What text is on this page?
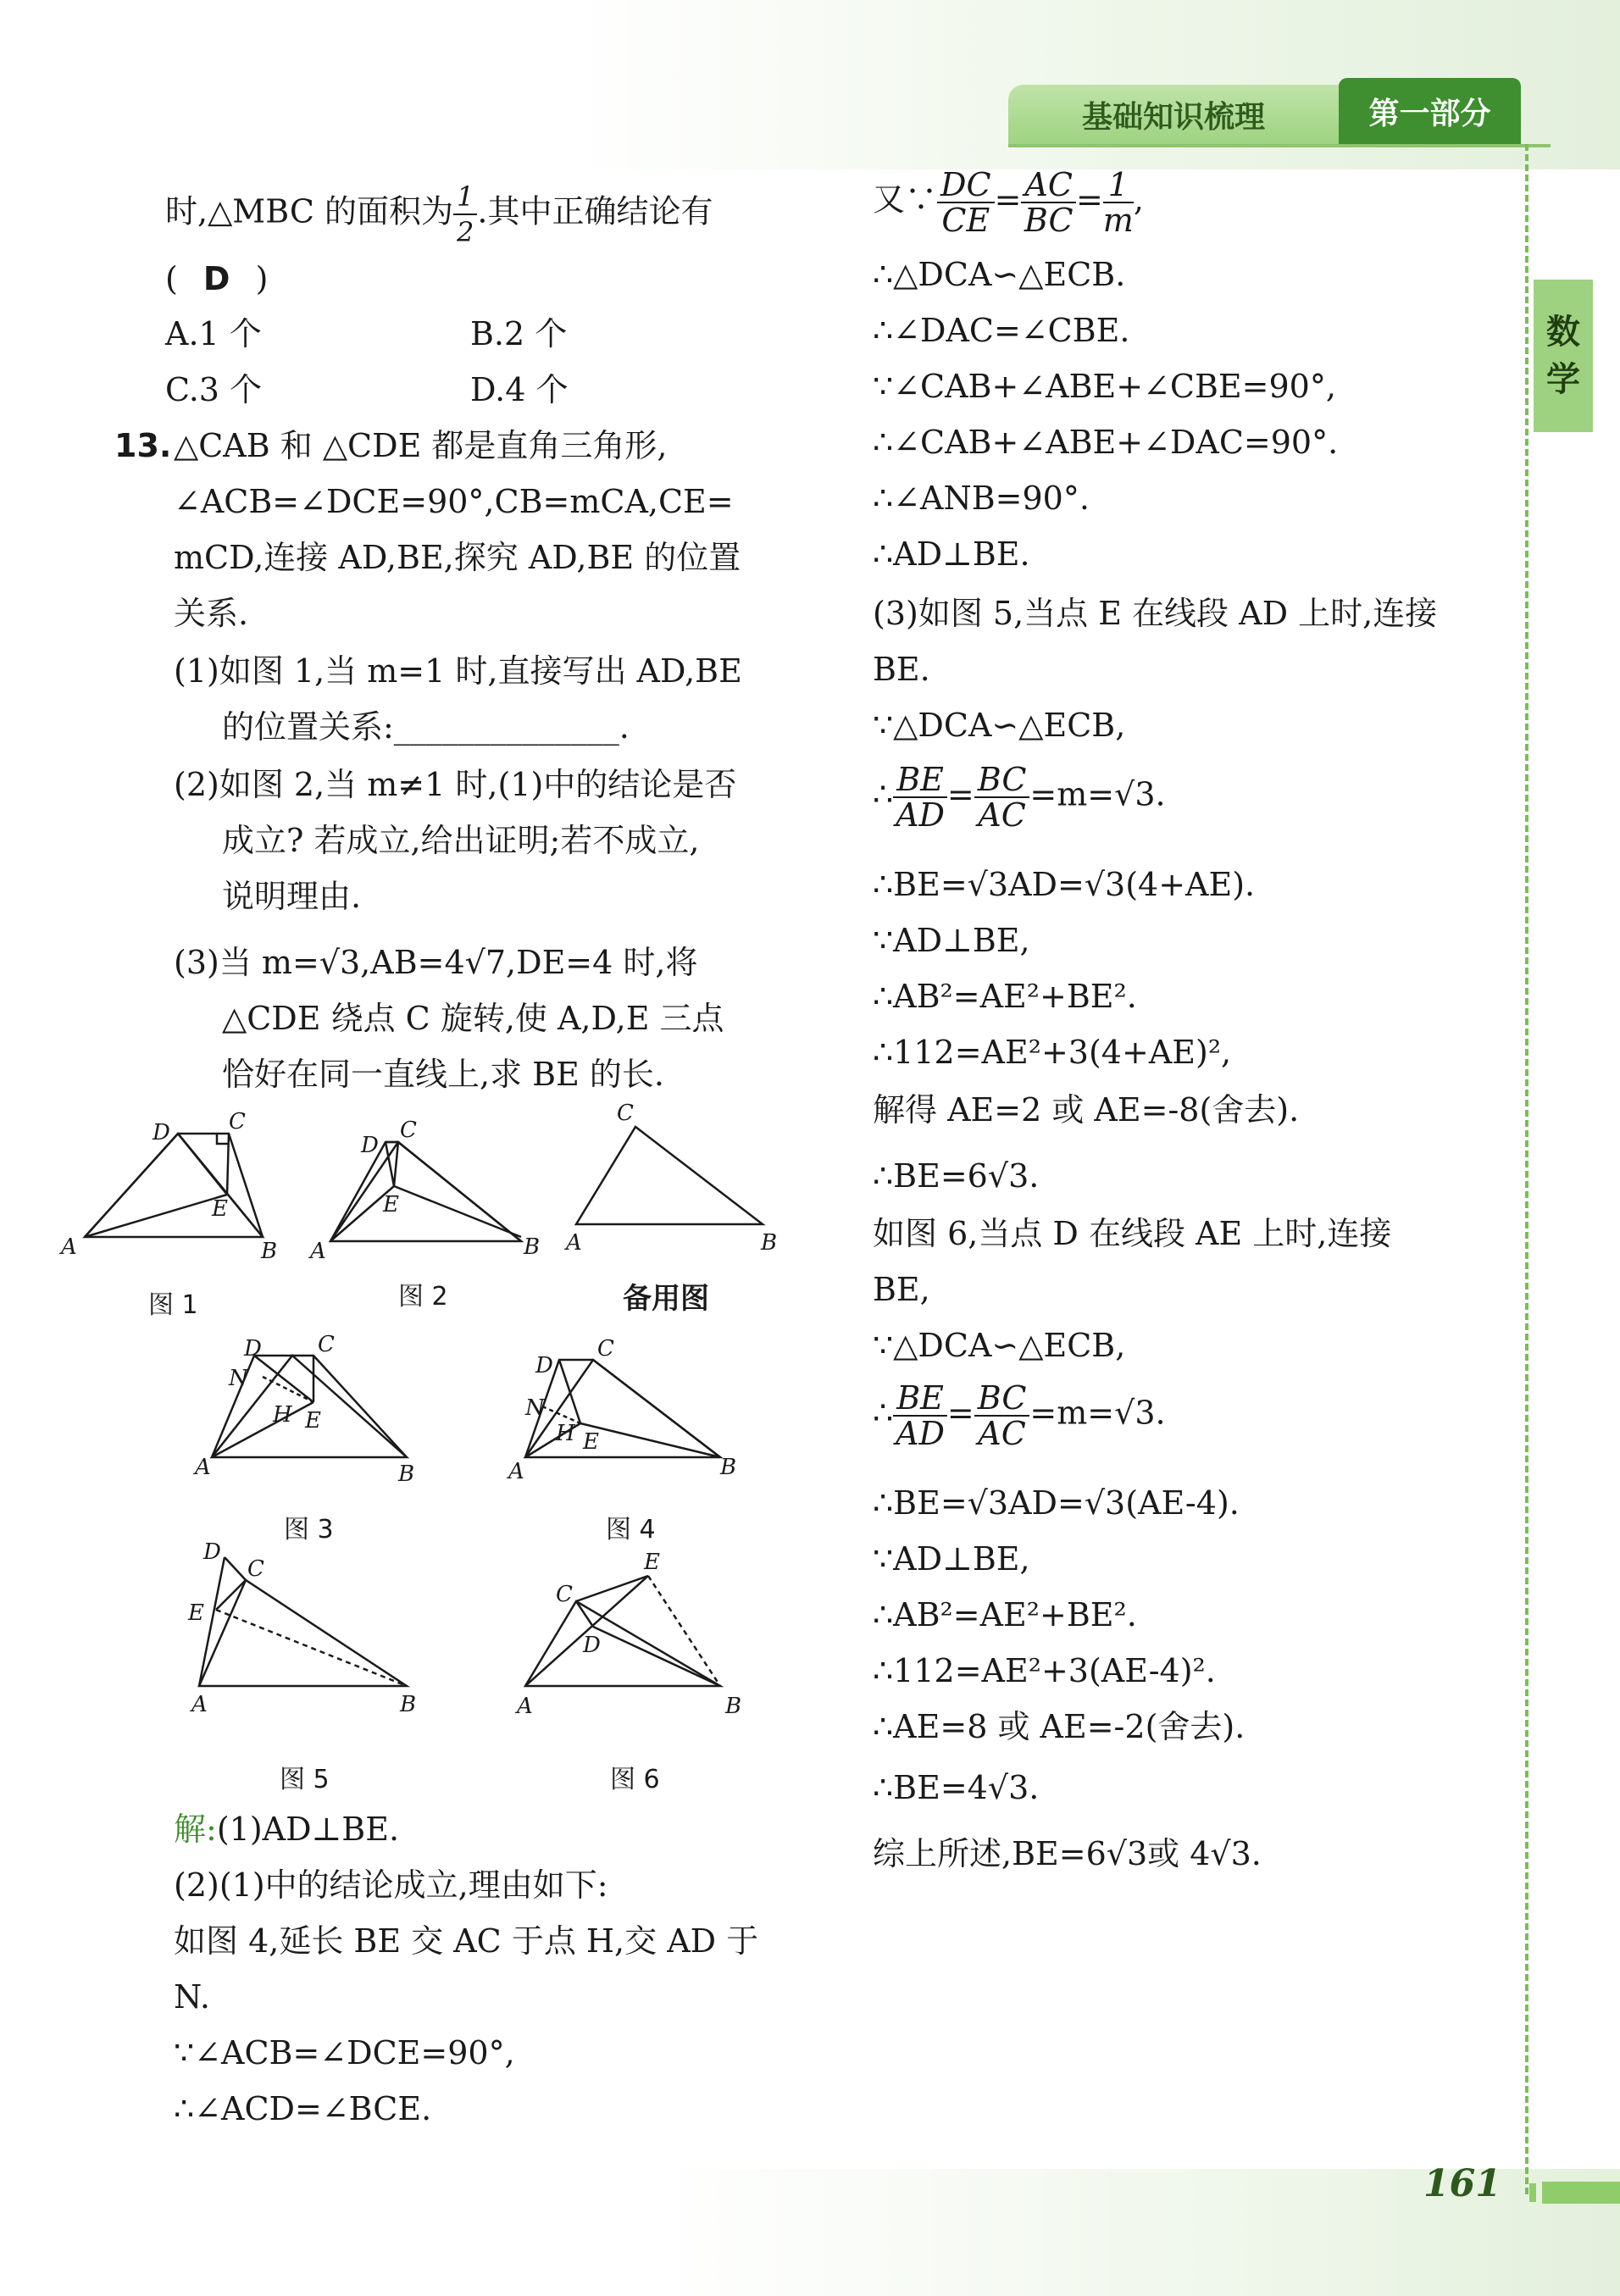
基础知识梳理	第一部分
数
学
时,△MBC 的面积为 $\frac{1}{2}$ .其中正确结论有
( D )
A.1 个	B.2 个
C.3 个	D.4 个
13. △CAB 和 △CDE 都是直角三角形,
∠ACB=∠DCE=90°,CB=mCA,CE=
mCD,连接 AD,BE,探究 AD,BE 的位置
关系.
(1)如图 1,当 m=1 时,直接写出 AD,BE
的位置关系:______________.
(2)如图 2,当 m≠1 时,(1)中的结论是否
成立? 若成立,给出证明;若不成立,
说明理由.
(3)当 m=√3,AB=4√7,DE=4 时,将
△CDE 绕点 C 旋转,使 A,D,E 三点
恰好在同一直线上,求 BE 的长.
A	B
C
D
E
A	B
C
D
E
A	B
C
A	B
C
D
E
H
N
A	B
C
D
E
H
N
A	B
C
D
E
A	B
C
D
E
图 1	图 2	备用图
图 3	图 4
图 5	图 6
解:(1)AD⊥BE.
(2)(1)中的结论成立,理由如下:
如图 4,延长 BE 交 AC 于点 H,交 AD 于
N.
∵∠ACB=∠DCE=90°,
∴∠ACD=∠BCE.
又∵ $\frac{DC}{CE} = \frac{AC}{BC} = \frac{1}{m}$ ,
∴△DCA∽△ECB.
∴∠DAC=∠CBE.
∵∠CAB+∠ABE+∠CBE=90°,
∴∠CAB+∠ABE+∠DAC=90°.
∴∠ANB=90°.
∴AD⊥BE.
(3)如图 5,当点 E 在线段 AD 上时,连接
BE.
∵△DCA∽△ECB,
∴ $\frac{BE}{AD} = \frac{BC}{AC} =m=√3$.
∴BE=√3AD=√3(4+AE).
∵AD⊥BE,
∴AB²=AE²+BE².
∴112=AE²+3(4+AE)²,
解得 AE=2 或 AE=-8(舍去).
∴BE=6√3.
如图 6,当点 D 在线段 AE 上时,连接
BE,
∵△DCA∽△ECB,
∴ $\frac{BE}{AD} = \frac{BC}{AC} =m=√3$.
∴BE=√3AD=√3(AE-4).
∵AD⊥BE,
∴AB²=AE²+BE².
∴112=AE²+3(AE-4)².
∴AE=8 或 AE=-2(舍去).
∴BE=4√3.
综上所述,BE=6√3或 4√3.
161
